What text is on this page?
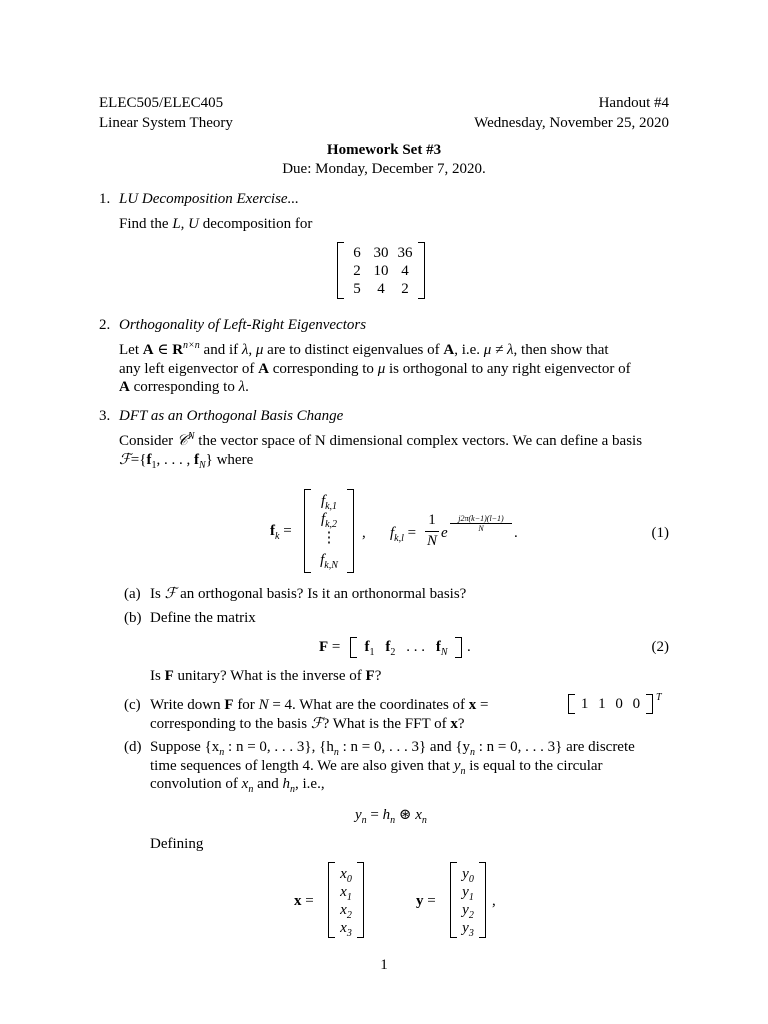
ELEC505/ELEC405
Linear System Theory
Handout #4
Wednesday, November 25, 2020
Homework Set #3
Due: Monday, December 7, 2020.
1. LU Decomposition Exercise...
Find the L, U decomposition for
6 30 36
2 10 4
5	4	2
2. Orthogonality of Left-Right Eigenvectors
Let A ∈ $R^{n\times n}$ and if λ, μ are to distinct eigenvalues of A, i.e. μ ≠ λ, then show that
any left eigenvector of A corresponding to μ is orthogonal to any right eigenvector of
A corresponding to λ.
3. DFT as an Orthogonal Basis Change
Consider 𝒞$^N$ the vector space of N dimensional complex vectors. We can define a basis
$ℱ=\{f_1$, . . . , $f_N$} where
$f_k$ =
$f_{k,1}$
$f_{k,2}$
⋮
$f_{k,N}$
, $f_{k,l} = \frac{1}{N}$ e $\frac{j2\pi(k-1)(l-1)}{N}$ .	(1)
(a) Is ℱ an orthogonal basis? Is it an orthonormal basis?
(b) Define the matrix
$F = f_1$ $f_2$ . . . $f_N$ .	(2)
Is F unitary? What is the inverse of F?
(c) Write down F for N = 4. What are the coordinates of x =	1 1 0 0 T
corresponding to the basis ℱ? What is the FFT of x?
(d) Suppose {$x_n$ : n = 0, . . . 3}, {$h_n$ : n = 0, . . . 3} and {$y_n$ : n = 0, . . . 3} are discrete
time sequences of length 4. We are also given that $y_n$ is equal to the circular
convolution of $x_n$ and $h_n$, i.e.,
$y_n = h_n$ ⊛ $x_n$
Defining
x =
$x_0$
$x_1$
$x_2$
$x_3$
y =
$y_0$
$y_1$
$y_2$
$y_3$
,
1
